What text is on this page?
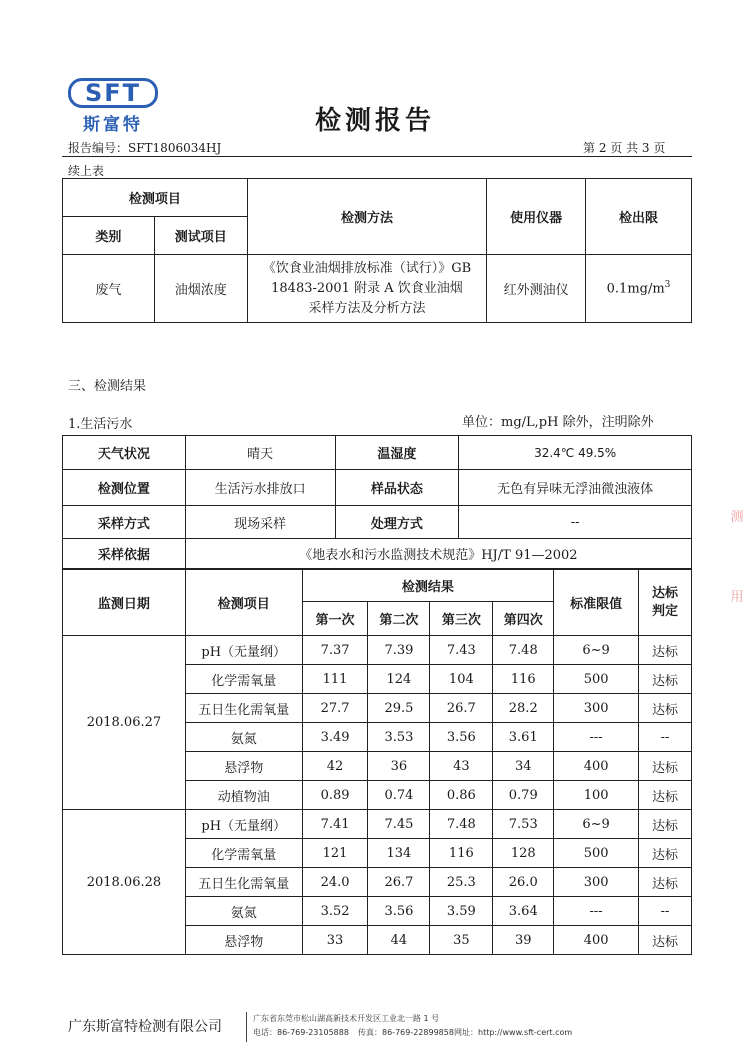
SFT
斯富特	检测报告
报告编号：SFT1806034HJ	第 2 页 共 3 页
续上表
检测项目		检测方法	使用仪器	检出限
类别	测试项目			
废气	油烟浓度	《饮食业油烟排放标准（试行）》GB
18483-2001 附录 A 饮食业油烟
采样方法及分析方法	红外测油仪	$0.1mg/m^3$
三、检测结果
1.生活污水	单位：mg/L,pH 除外，注明除外
天气状况	晴天	温湿度	32.4℃ 49.5%
检测位置	生活污水排放口	样品状态	无色有异味无浮油微浊液体
采样方式	现场采样	处理方式	--
采样依据	《地表水和污水监测技术规范》HJ/T 91—2002		
监测日期	检测项目	检测结果				标准限值	达标
判定

		第一次	第二次	第三次	第四次		
2018.06.27	pH（无量纲）	7.37	7.39	7.43	7.48	6~9	达标
	化学需氧量	111	124	104	116	500	达标
	五日生化需氧量	27.7	29.5	26.7	28.2	300	达标
	氨氮	3.49	3.53	3.56	3.61	---	--
	悬浮物	42	36	43	34	400	达标
	动植物油	0.89	0.74	0.86	0.79	100	达标
2018.06.28	pH（无量纲）	7.41	7.45	7.48	7.53	6~9	达标
	化学需氧量	121	134	116	128	500	达标
	五日生化需氧量	24.0	26.7	25.3	26.0	300	达标
	氨氮	3.52	3.56	3.59	3.64	---	--
	悬浮物	33	44	35	39	400	达标
测
用
广东斯富特检测有限公司
广东省东莞市松山湖高新技术开发区工业北一路 1 号
电话：86-769-23105888 传真：86-769-22899858 网址：http://www.sft-cert.com
